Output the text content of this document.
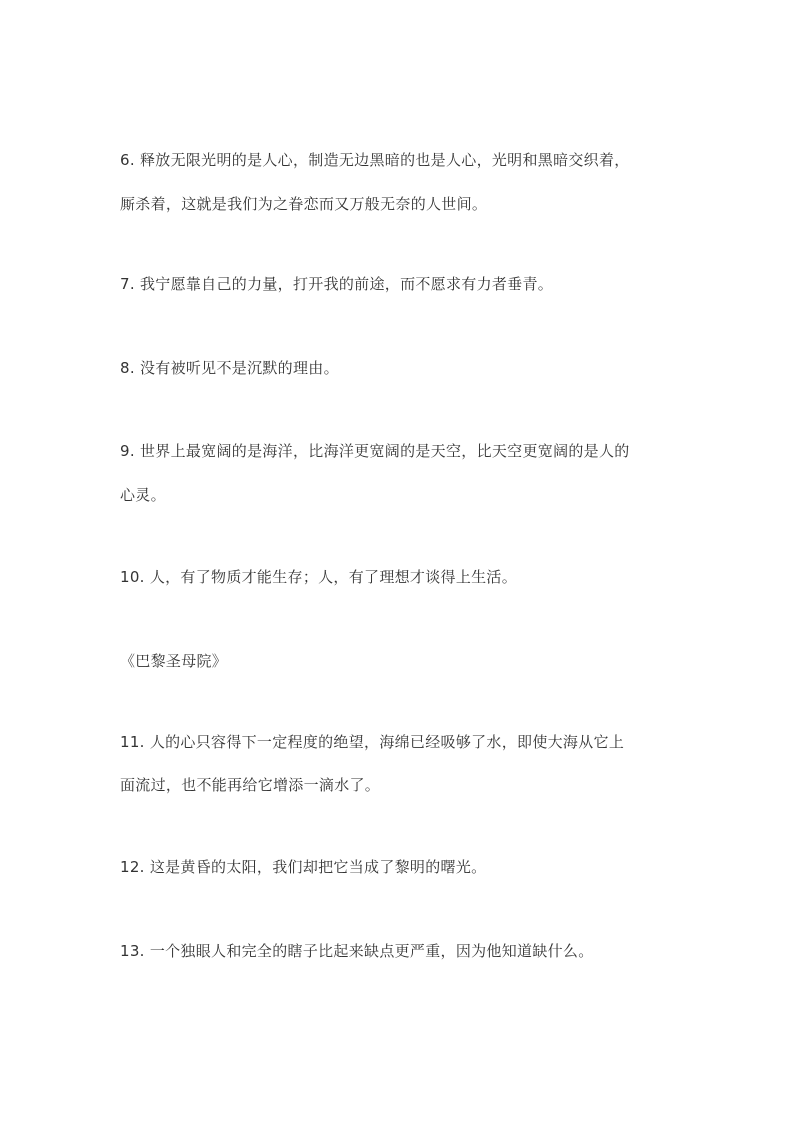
6. 释放无限光明的是人心，制造无边黑暗的也是人心，光明和黑暗交织着，
厮杀着，这就是我们为之眷恋而又万般无奈的人世间。
7. 我宁愿靠自己的力量，打开我的前途，而不愿求有力者垂青。
8. 没有被听见不是沉默的理由。
9. 世界上最宽阔的是海洋，比海洋更宽阔的是天空，比天空更宽阔的是人的
心灵。
10. 人，有了物质才能生存；人，有了理想才谈得上生活。
《巴黎圣母院》
11. 人的心只容得下一定程度的绝望，海绵已经吸够了水，即使大海从它上
面流过，也不能再给它增添一滴水了。
12. 这是黄昏的太阳，我们却把它当成了黎明的曙光。
13. 一个独眼人和完全的瞎子比起来缺点更严重，因为他知道缺什么。
